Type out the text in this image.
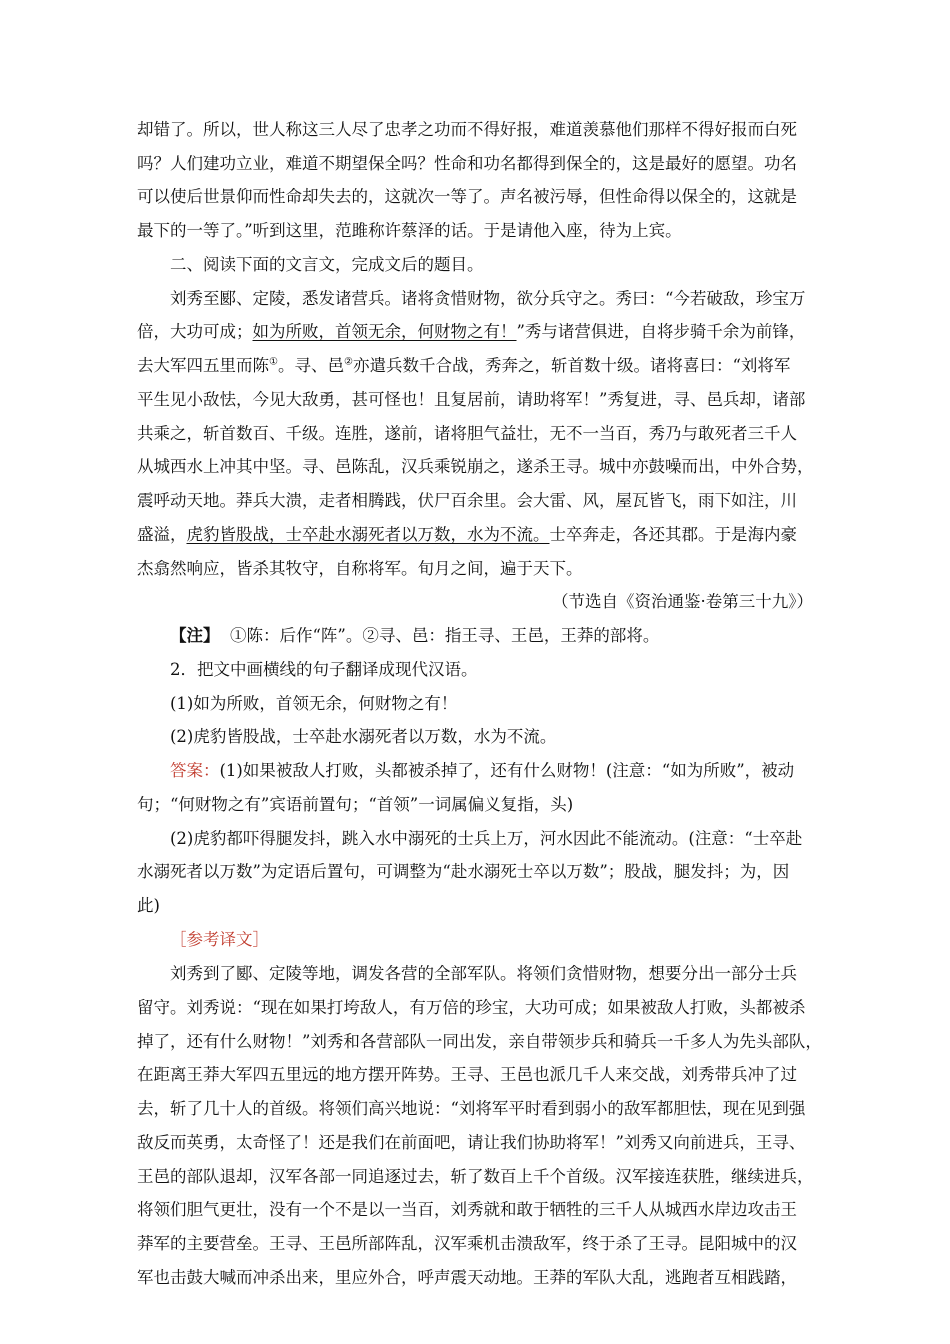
却错了。所以，世人称这三人尽了忠孝之功而不得好报，难道羡慕他们那样不得好报而白死
吗？人们建功立业，难道不期望保全吗？性命和功名都得到保全的，这是最好的愿望。功名
可以使后世景仰而性命却失去的，这就次一等了。声名被污辱，但性命得以保全的，这就是
最下的一等了。”听到这里，范雎称许蔡泽的话。于是请他入座，待为上宾。
二、阅读下面的文言文，完成文后的题目。
刘秀至郾、定陵，悉发诸营兵。诸将贪惜财物，欲分兵守之。秀曰：“今若破敌，珍宝万
倍，大功可成；如为所败，首领无余，何财物之有！”秀与诸营俱进，自将步骑千余为前锋，
去大军四五里而陈①。寻、邑②亦遣兵数千合战，秀奔之，斩首数十级。诸将喜曰：“刘将军
平生见小敌怯，今见大敌勇，甚可怪也！且复居前，请助将军！”秀复进，寻、邑兵却，诸部
共乘之，斩首数百、千级。连胜，遂前，诸将胆气益壮，无不一当百，秀乃与敢死者三千人
从城西水上冲其中坚。寻、邑陈乱，汉兵乘锐崩之，遂杀王寻。城中亦鼓噪而出，中外合势，
震呼动天地。莽兵大溃，走者相腾践，伏尸百余里。会大雷、风，屋瓦皆飞，雨下如注，川
盛溢，虎豹皆股战，士卒赴水溺死者以万数，水为不流。士卒奔走，各还其郡。于是海内豪
杰翕然响应，皆杀其牧守，自称将军。旬月之间，遍于天下。
（节选自《资治通鉴·卷第三十九》）
【注】 ①陈：后作“阵”。②寻、邑：指王寻、王邑，王莽的部将。
2．把文中画横线的句子翻译成现代汉语。
(1)如为所败，首领无余，何财物之有！
(2)虎豹皆股战，士卒赴水溺死者以万数，水为不流。
答案：(1)如果被敌人打败，头都被杀掉了，还有什么财物！(注意：“如为所败”，被动
句；“何财物之有”宾语前置句；“首领”一词属偏义复指，头)
(2)虎豹都吓得腿发抖，跳入水中溺死的士兵上万，河水因此不能流动。(注意：“士卒赴
水溺死者以万数”为定语后置句，可调整为“赴水溺死士卒以万数”；股战，腿发抖；为，因
此)
［参考译文］
刘秀到了郾、定陵等地，调发各营的全部军队。将领们贪惜财物，想要分出一部分士兵
留守。刘秀说：“现在如果打垮敌人，有万倍的珍宝，大功可成；如果被敌人打败，头都被杀
掉了，还有什么财物！”刘秀和各营部队一同出发，亲自带领步兵和骑兵一千多人为先头部队，
在距离王莽大军四五里远的地方摆开阵势。王寻、王邑也派几千人来交战，刘秀带兵冲了过
去，斩了几十人的首级。将领们高兴地说：“刘将军平时看到弱小的敌军都胆怯，现在见到强
敌反而英勇，太奇怪了！还是我们在前面吧，请让我们协助将军！”刘秀又向前进兵，王寻、
王邑的部队退却，汉军各部一同追逐过去，斩了数百上千个首级。汉军接连获胜，继续进兵，
将领们胆气更壮，没有一个不是以一当百，刘秀就和敢于牺牲的三千人从城西水岸边攻击王
莽军的主要营垒。王寻、王邑所部阵乱，汉军乘机击溃敌军，终于杀了王寻。昆阳城中的汉
军也击鼓大喊而冲杀出来，里应外合，呼声震天动地。王莽的军队大乱，逃跑者互相践踏，
